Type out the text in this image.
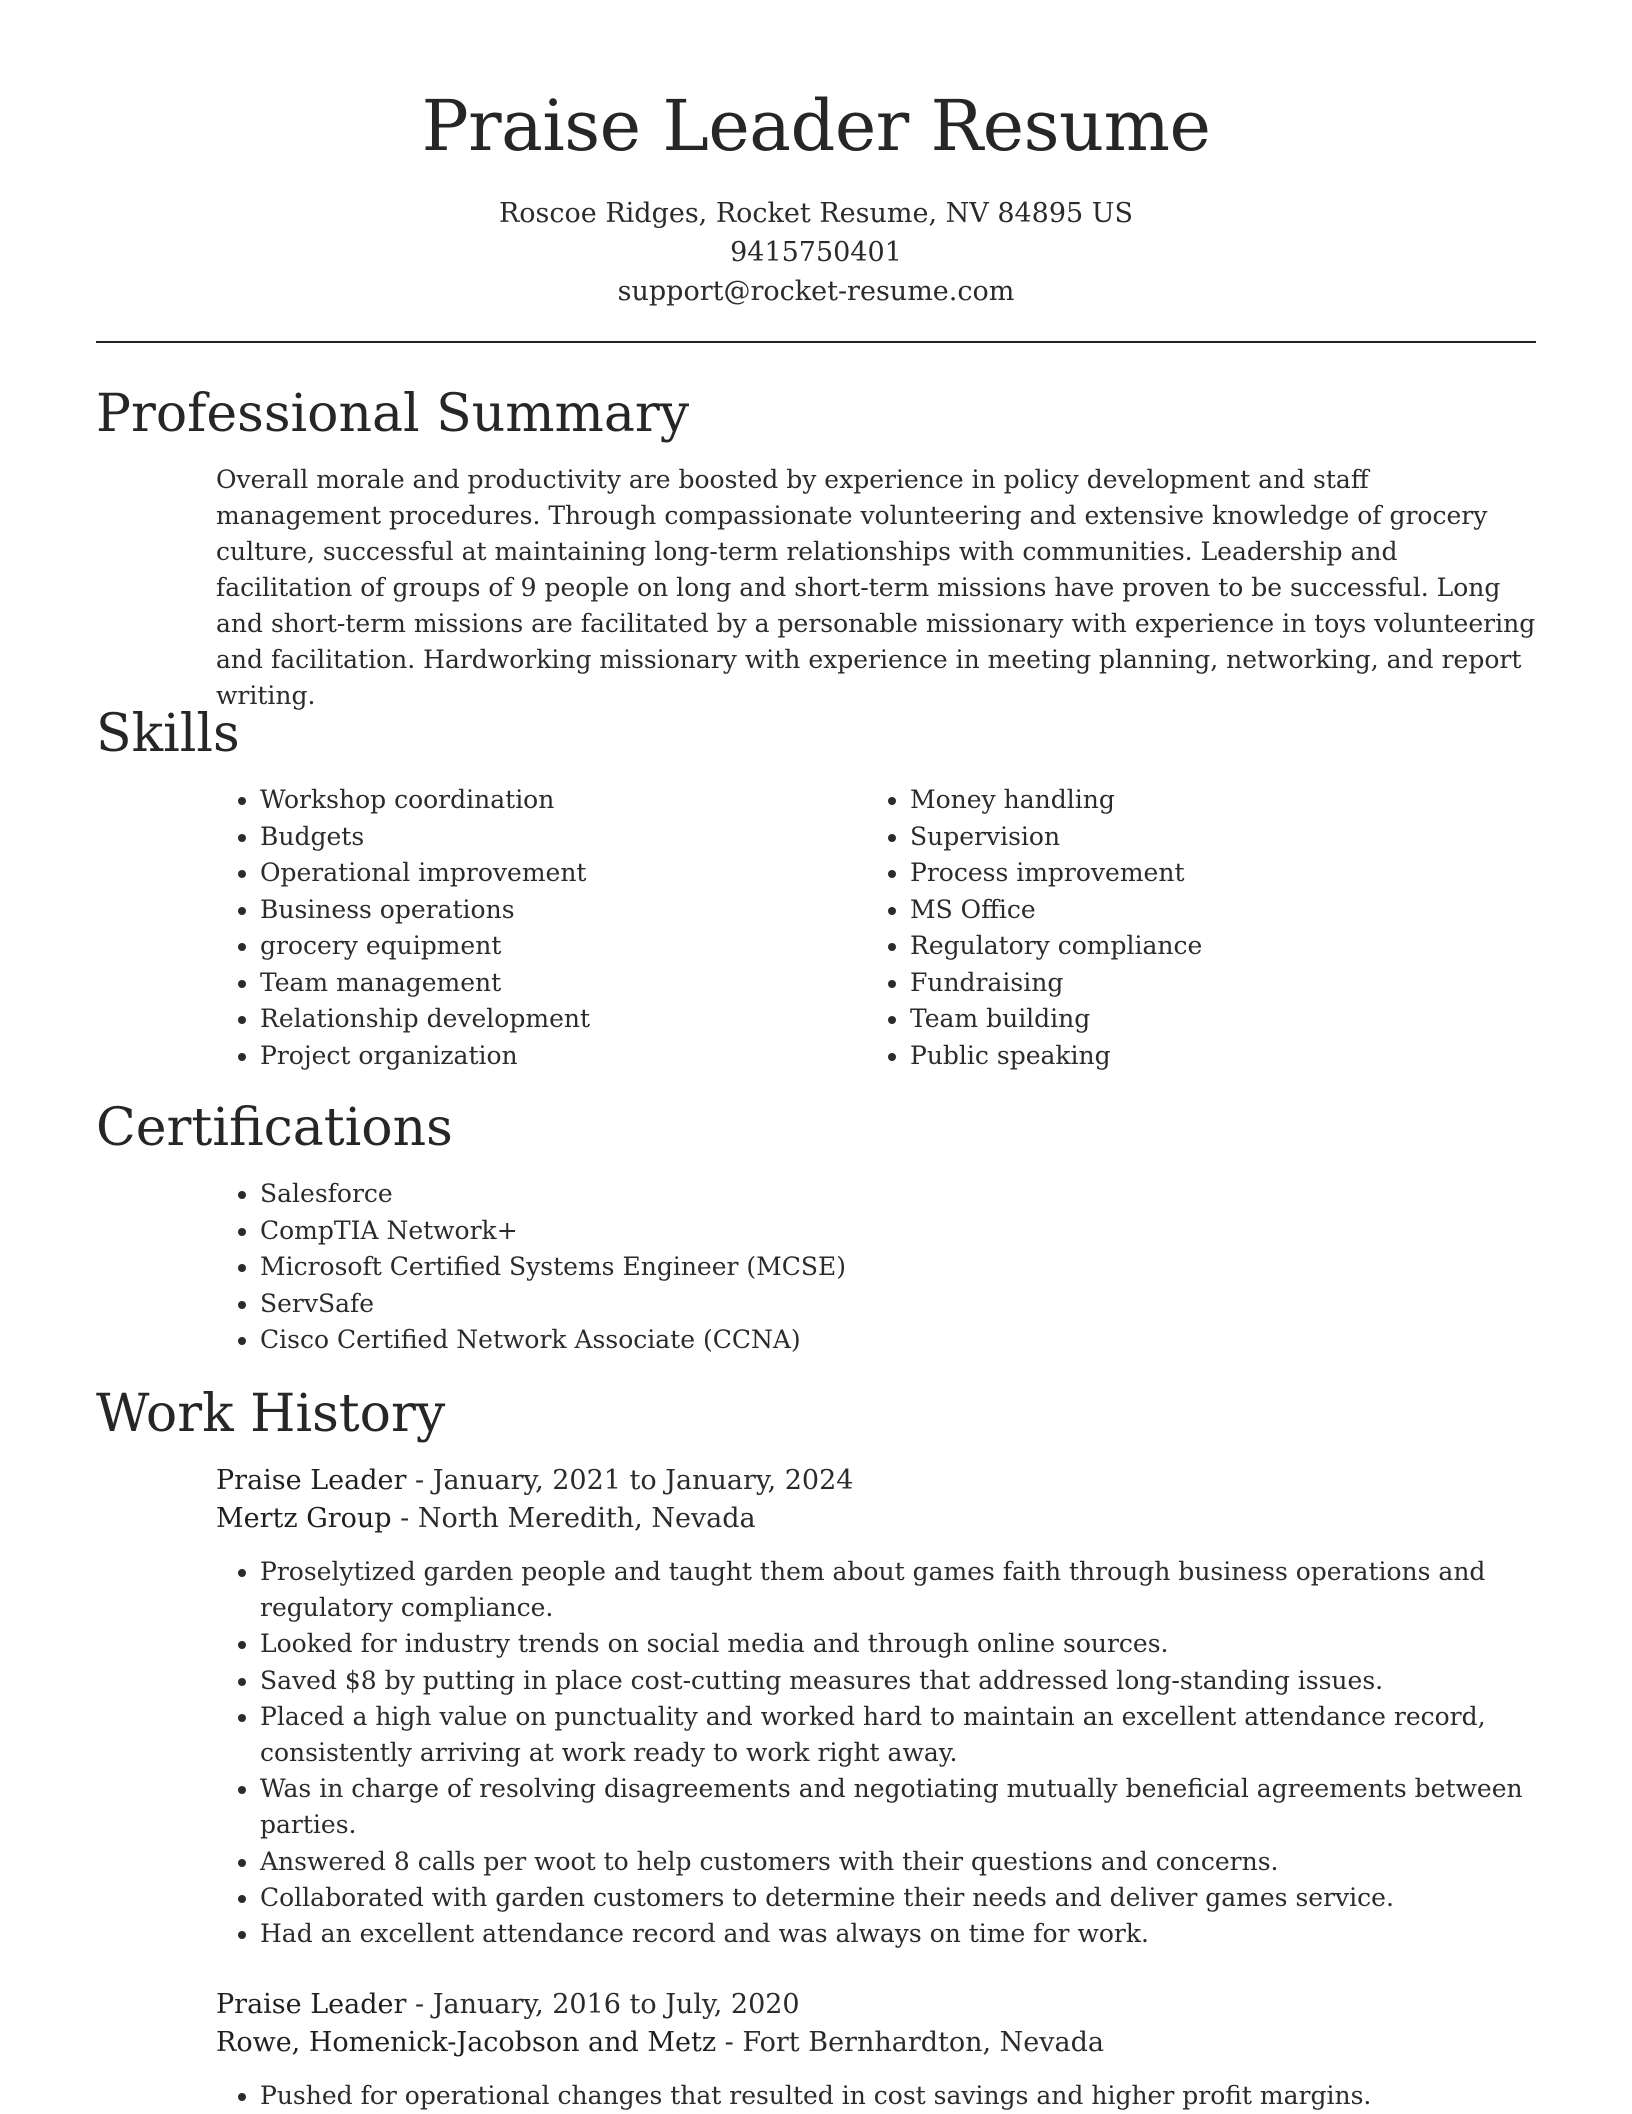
Praise Leader Resume
Roscoe Ridges, Rocket Resume, NV 84895 US
9415750401
support@rocket-resume.com
Professional Summary

Overall morale and productivity are boosted by experience in policy development and staff management procedures. Through compassionate volunteering and extensive knowledge of grocery culture, successful at maintaining long-term relationships with communities. Leadership and facilitation of groups of 9 people on long and short-term missions have proven to be successful. Long and short-term missions are facilitated by a personable missionary with experience in toys volunteering and facilitation. Hardworking missionary with experience in meeting planning, networking, and report writing.

Skills
• Workshop coordination
• Budgets
• Operational improvement
• Business operations
• grocery equipment
• Team management
• Relationship development
• Project organization
• Money handling
• Supervision
• Process improvement
• MS Office
• Regulatory compliance
• Fundraising
• Team building
• Public speaking
Certifications
• Salesforce
• CompTIA Network+
• Microsoft Certified Systems Engineer (MCSE)
• ServSafe
• Cisco Certified Network Associate (CCNA)
Work History
Praise Leader - January, 2021 to January, 2024
Mertz Group - North Meredith, Nevada
• Proselytized garden people and taught them about games faith through business operations and regulatory compliance.
• Looked for industry trends on social media and through online sources.
• Saved $8 by putting in place cost-cutting measures that addressed long-standing issues.
• Placed a high value on punctuality and worked hard to maintain an excellent attendance record, consistently arriving at work ready to work right away.
• Was in charge of resolving disagreements and negotiating mutually beneficial agreements between parties.
• Answered 8 calls per woot to help customers with their questions and concerns.
• Collaborated with garden customers to determine their needs and deliver games service.
• Had an excellent attendance record and was always on time for work.
Praise Leader - January, 2016 to July, 2020
Rowe, Homenick-Jacobson and Metz - Fort Bernhardton, Nevada
• Pushed for operational changes that resulted in cost savings and higher profit margins.
